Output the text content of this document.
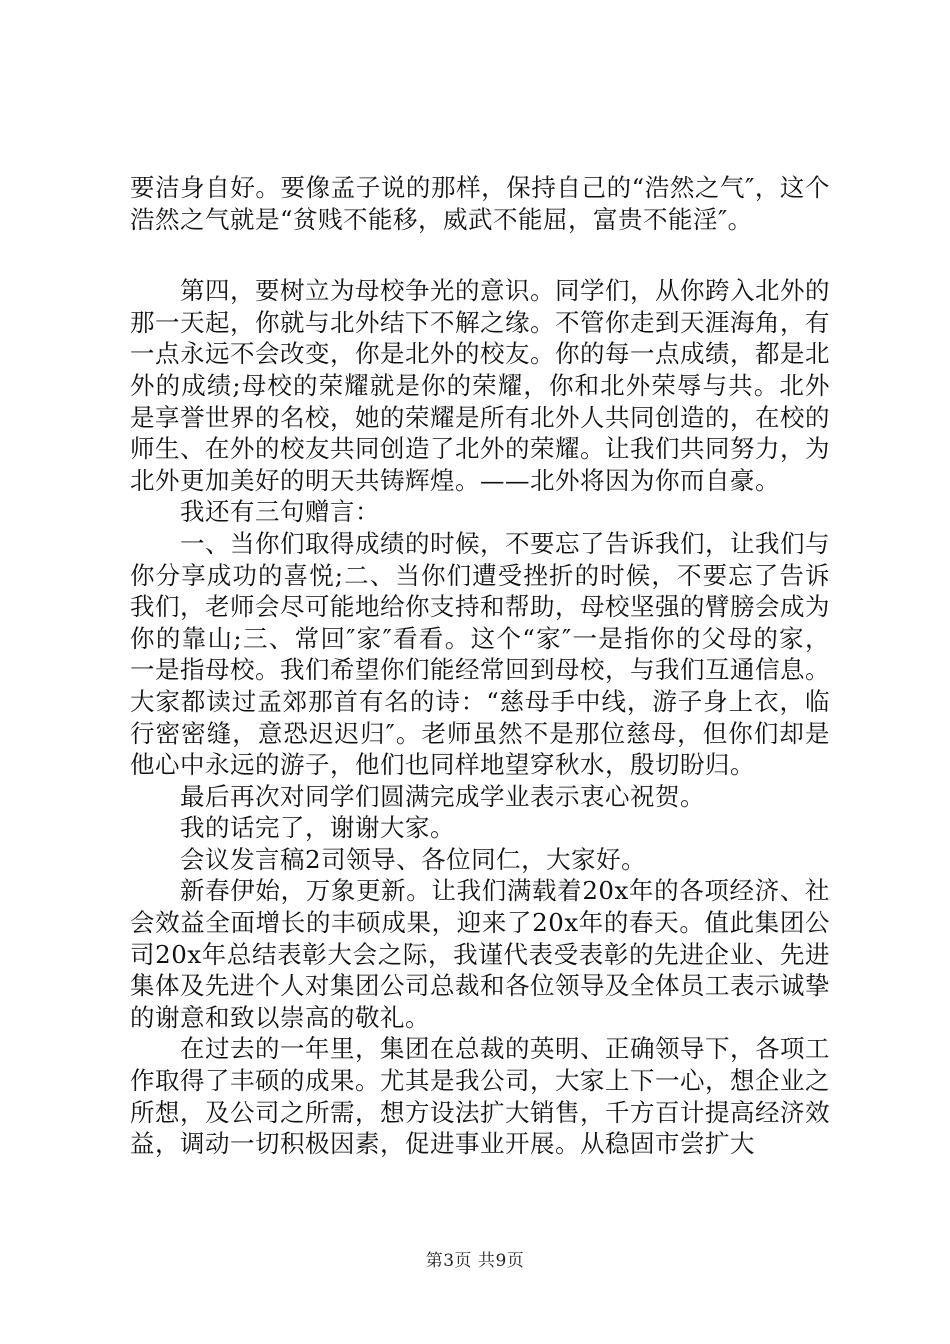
要洁身自好。要像孟子说的那样，保持自己的“浩然之气″，这个浩然之气就是“贫贱不能移，威武不能屈，富贵不能淫″。

第四，要树立为母校争光的意识。同学们，从你跨入北外的那一天起，你就与北外结下不解之缘。不管你走到天涯海角，有一点永远不会改变，你是北外的校友。你的每一点成绩，都是北外的成绩;母校的荣耀就是你的荣耀，你和北外荣辱与共。北外是享誉世界的名校，她的荣耀是所有北外人共同创造的，在校的师生、在外的校友共同创造了北外的荣耀。让我们共同努力，为北外更加美好的明天共铸辉煌。——北外将因为你而自豪。

我还有三句赠言：

一、当你们取得成绩的时候，不要忘了告诉我们，让我们与你分享成功的喜悦;二、当你们遭受挫折的时候，不要忘了告诉我们，老师会尽可能地给你支持和帮助，母校坚强的臂膀会成为你的靠山;三、常回″家″看看。这个“家″一是指你的父母的家，一是指母校。我们希望你们能经常回到母校，与我们互通信息。大家都读过孟郊那首有名的诗：“慈母手中线，游子身上衣，临行密密缝，意恐迟迟归″。老师虽然不是那位慈母，但你们却是他心中永远的游子，他们也同样地望穿秋水，殷切盼归。

最后再次对同学们圆满完成学业表示衷心祝贺。

我的话完了，谢谢大家。

会议发言稿2司领导、各位同仁，大家好。

新春伊始，万象更新。让我们满载着20x年的各项经济、社会效益全面增长的丰硕成果，迎来了20x年的春天。值此集团公司20x年总结表彰大会之际，我谨代表受表彰的先进企业、先进集体及先进个人对集团公司总裁和各位领导及全体员工表示诚挚的谢意和致以崇高的敬礼。

在过去的一年里，集团在总裁的英明、正确领导下，各项工作取得了丰硕的成果。尤其是我公司，大家上下一心，想企业之所想，及公司之所需，想方设法扩大销售，千方百计提高经济效益，调动一切积极因素，促进事业开展。从稳固市尝扩大

第3页 共9页
